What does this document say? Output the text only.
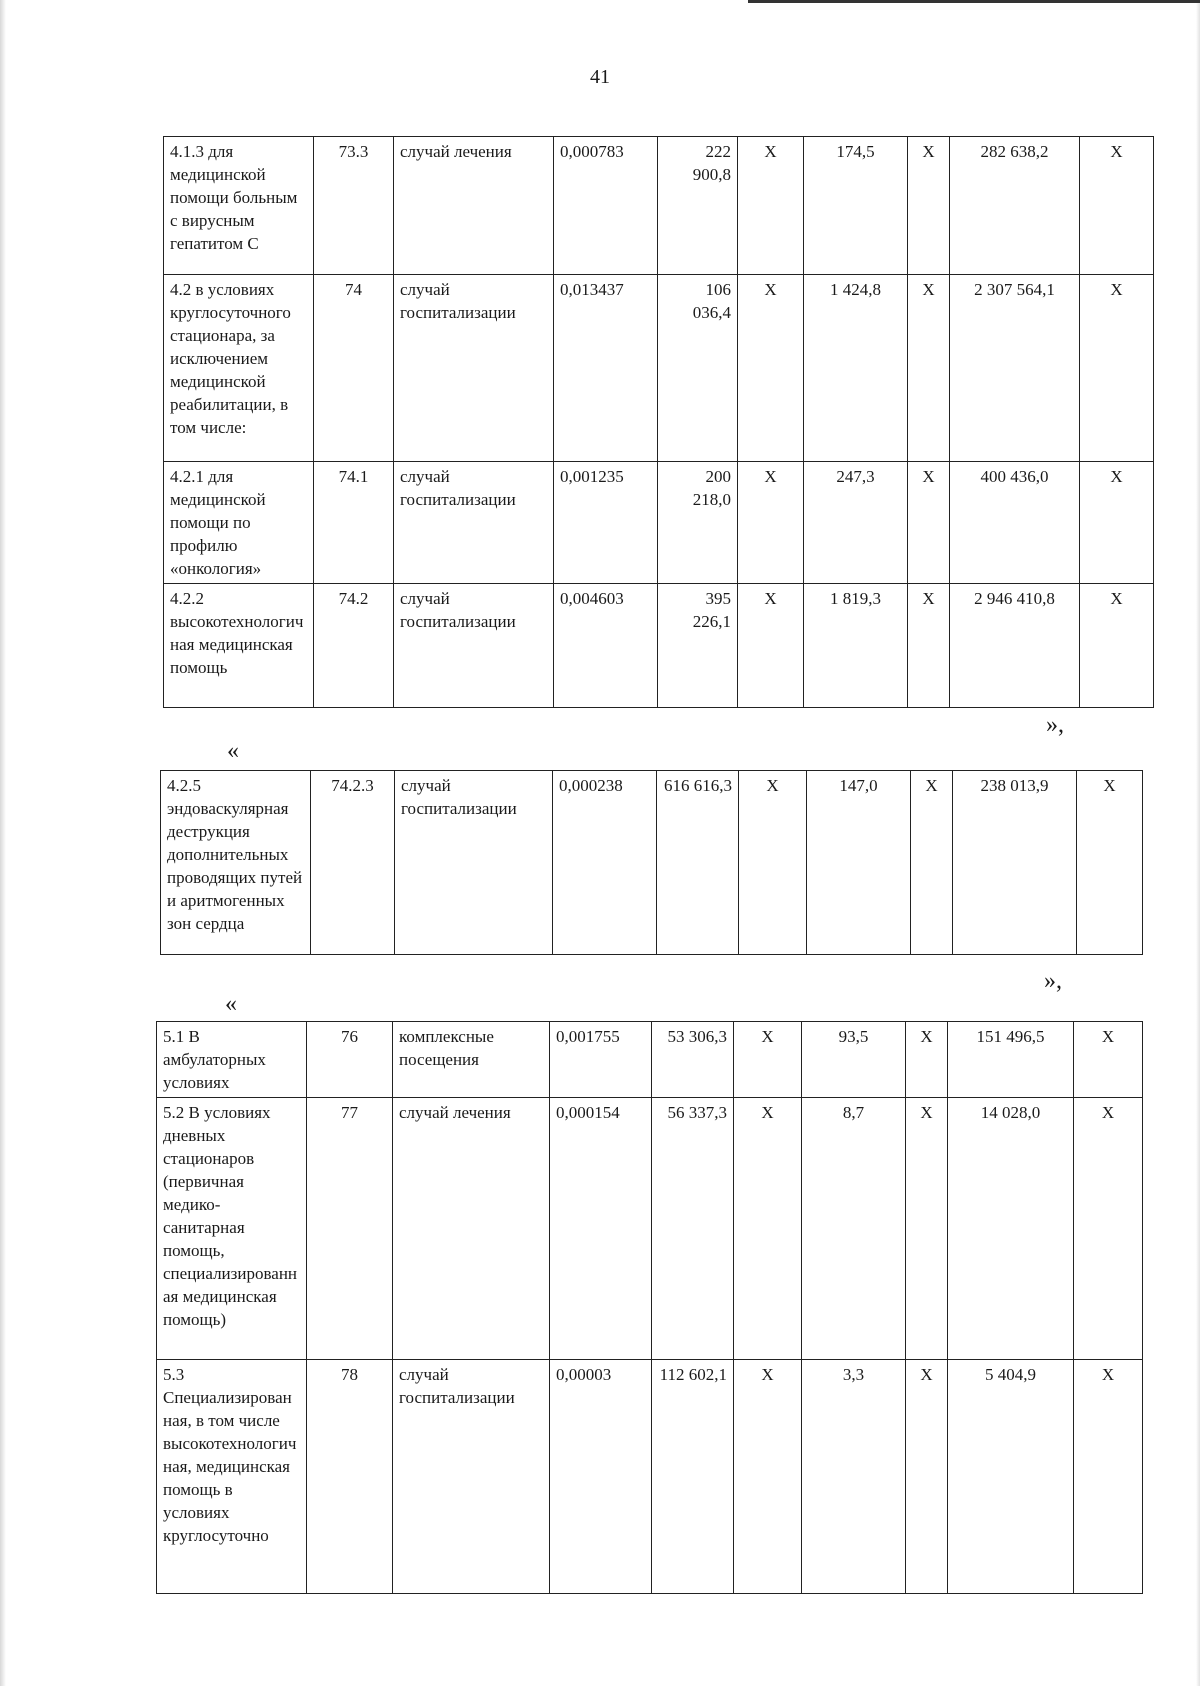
41
4.1.3 для медицинской помощи больным с вирусным гепатитом С	73.3	случай лечения	0,000783	222 900,8	X	174,5	X	282 638,2	X
4.2 в условиях круглосуточного стационара, за исключением медицинской реабилитации, в том числе:	74	случай госпитализации	0,013437	106 036,4	X	1 424,8	X	2 307 564,1	X
4.2.1 для медицинской помощи по профилю «онкология»	74.1	случай госпитализации	0,001235	200 218,0	X	247,3	X	400 436,0	X
4.2.2 высокотехнологичная медицинская помощь	74.2	случай госпитализации	0,004603	395 226,1	X	1 819,3	X	2 946 410,8	X
»,
«
4.2.5 эндоваскулярная деструкция дополнительных проводящих путей и аритмогенных зон сердца	74.2.3	случай госпитализации	0,000238	616 616,3	X	147,0	X	238 013,9	X
»,
«
5.1 В амбулаторных условиях	76	комплексные посещения	0,001755	53 306,3	X	93,5	X	151 496,5	X
5.2 В условиях дневных стационаров (первичная медико-санитарная помощь, специализированная медицинская помощь)	77	случай лечения	0,000154	56 337,3	X	8,7	X	14 028,0	X
5.3 Специализированная, в том числе высокотехнологичная, медицинская помощь в условиях круглосуточно	78	случай госпитализации	0,00003	112 602,1	X	3,3	X	5 404,9	X
